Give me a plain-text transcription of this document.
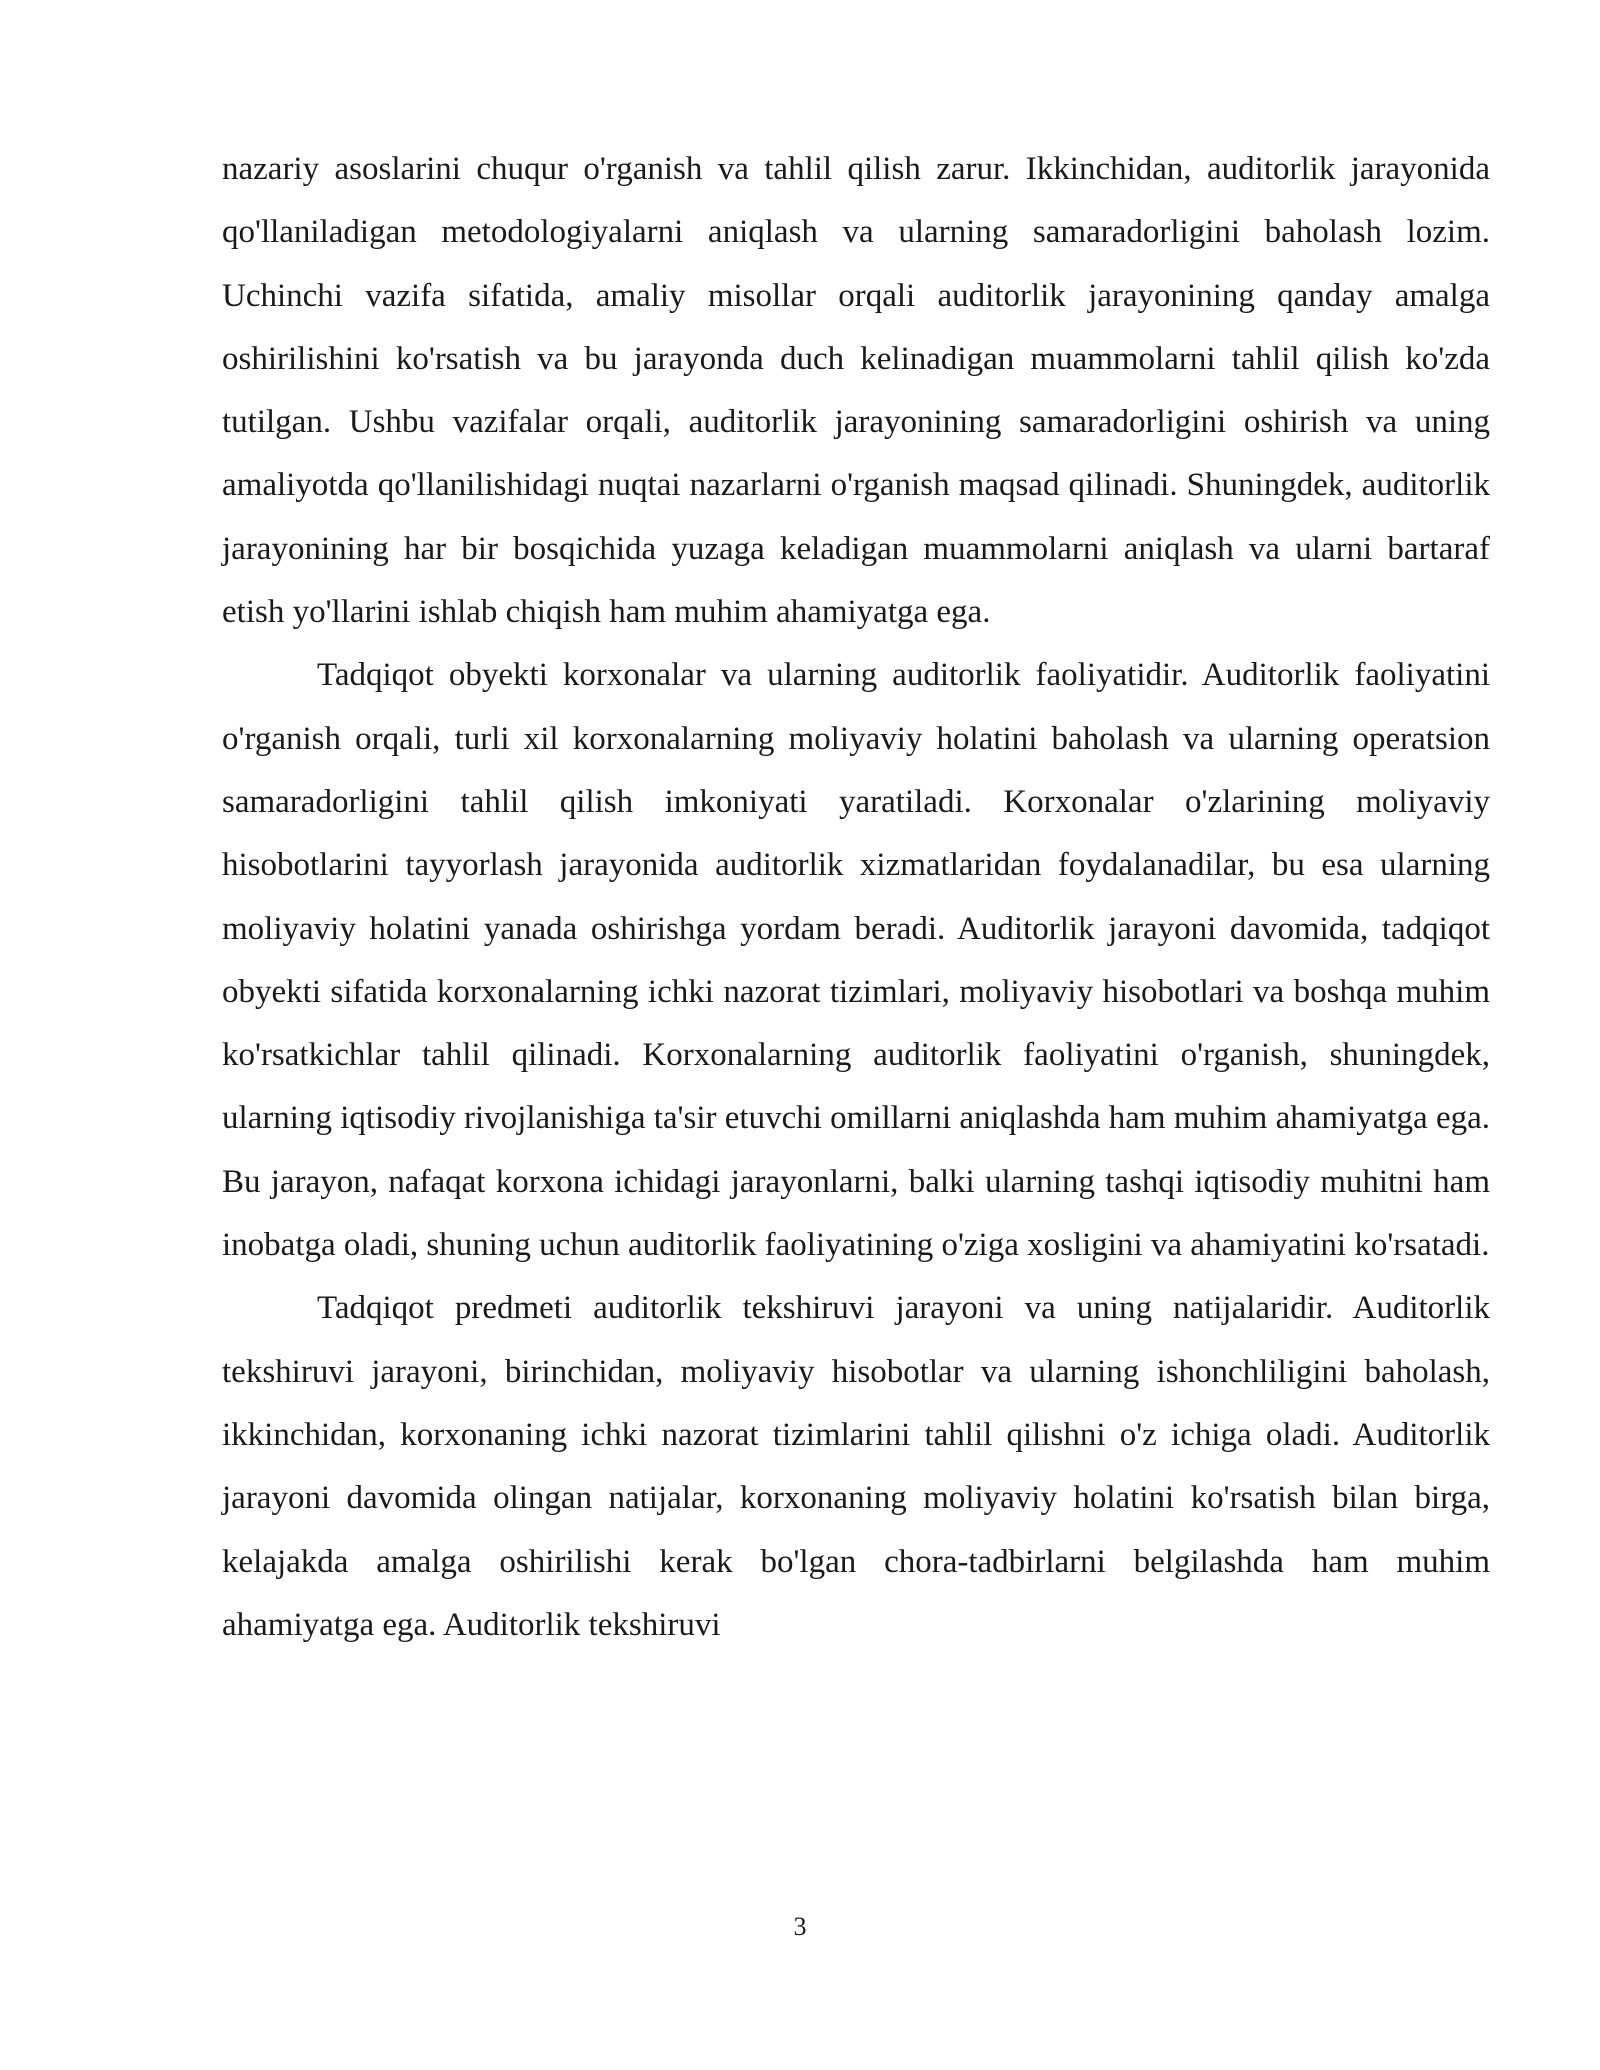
nazariy asoslarini chuqur o'rganish va tahlil qilish zarur. Ikkinchidan, auditorlik jarayonida qo'llaniladigan metodologiyalarni aniqlash va ularning samaradorligini baholash lozim. Uchinchi vazifa sifatida, amaliy misollar orqali auditorlik jarayonining qanday amalga oshirilishini ko'rsatish va bu jarayonda duch kelinadigan muammolarni tahlil qilish ko'zda tutilgan. Ushbu vazifalar orqali, auditorlik jarayonining samaradorligini oshirish va uning amaliyotda qo'llanilishidagi nuqtai nazarlarni o'rganish maqsad qilinadi. Shuningdek, auditorlik jarayonining har bir bosqichida yuzaga keladigan muammolarni aniqlash va ularni bartaraf etish yo'llarini ishlab chiqish ham muhim ahamiyatga ega.

Tadqiqot obyekti korxonalar va ularning auditorlik faoliyatidir. Auditorlik faoliyatini o'rganish orqali, turli xil korxonalarning moliyaviy holatini baholash va ularning operatsion samaradorligini tahlil qilish imkoniyati yaratiladi. Korxonalar o'zlarining moliyaviy hisobotlarini tayyorlash jarayonida auditorlik xizmatlaridan foydalanadilar, bu esa ularning moliyaviy holatini yanada oshirishga yordam beradi. Auditorlik jarayoni davomida, tadqiqot obyekti sifatida korxonalarning ichki nazorat tizimlari, moliyaviy hisobotlari va boshqa muhim ko'rsatkichlar tahlil qilinadi. Korxonalarning auditorlik faoliyatini o'rganish, shuningdek, ularning iqtisodiy rivojlanishiga ta'sir etuvchi omillarni aniqlashda ham muhim ahamiyatga ega. Bu jarayon, nafaqat korxona ichidagi jarayonlarni, balki ularning tashqi iqtisodiy muhitni ham inobatga oladi, shuning uchun auditorlik faoliyatining o'ziga xosligini va ahamiyatini ko'rsatadi.

Tadqiqot predmeti auditorlik tekshiruvi jarayoni va uning natijalaridir. Auditorlik tekshiruvi jarayoni, birinchidan, moliyaviy hisobotlar va ularning ishonchliligini baholash, ikkinchidan, korxonaning ichki nazorat tizimlarini tahlil qilishni o'z ichiga oladi. Auditorlik jarayoni davomida olingan natijalar, korxonaning moliyaviy holatini ko'rsatish bilan birga, kelajakda amalga oshirilishi kerak bo'lgan chora-tadbirlarni belgilashda ham muhim ahamiyatga ega. Auditorlik tekshiruvi

3
